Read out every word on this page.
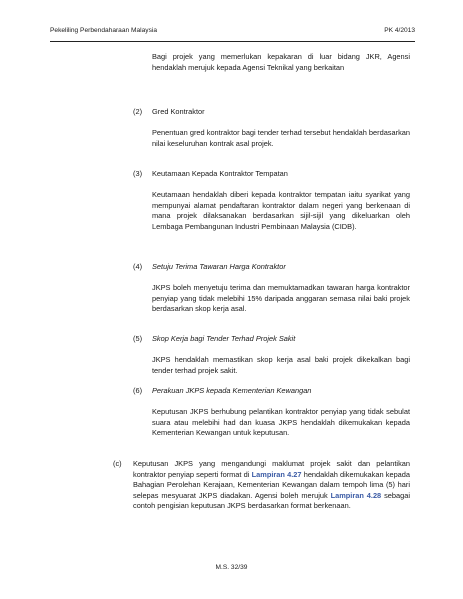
Pekeliling Perbendaharaan Malaysia	PK 4/2013

Bagi projek yang memerlukan kepakaran di luar bidang JKR, Agensi hendaklah merujuk kepada Agensi Teknikal yang berkaitan

(2) Gred Kontraktor

Penentuan gred kontraktor bagi tender terhad tersebut hendaklah berdasarkan nilai keseluruhan kontrak asal projek.

(3) Keutamaan Kepada Kontraktor Tempatan

Keutamaan hendaklah diberi kepada kontraktor tempatan iaitu syarikat yang mempunyai alamat pendaftaran kontraktor dalam negeri yang berkenaan di mana projek dilaksanakan berdasarkan sijil-sijil yang dikeluarkan oleh Lembaga Pembangunan Industri Pembinaan Malaysia (CIDB).

(4) Setuju Terima Tawaran Harga Kontraktor

JKPS boleh menyetuju terima dan memuktamadkan tawaran harga kontraktor penyiap yang tidak melebihi 15% daripada anggaran semasa nilai baki projek berdasarkan skop kerja asal.

(5) Skop Kerja bagi Tender Terhad Projek Sakit

JKPS hendaklah memastikan skop kerja asal baki projek dikekalkan bagi tender terhad projek sakit.

(6) Perakuan JKPS kepada Kementerian Kewangan

Keputusan JKPS berhubung pelantikan kontraktor penyiap yang tidak sebulat suara atau melebihi had dan kuasa JKPS hendaklah dikemukakan kepada Kementerian Kewangan untuk keputusan.

(c) Keputusan JKPS yang mengandungi maklumat projek sakit dan pelantikan kontraktor penyiap seperti format di Lampiran 4.27 hendaklah dikemukakan kepada Bahagian Perolehan Kerajaan, Kementerian Kewangan dalam tempoh lima (5) hari selepas mesyuarat JKPS diadakan. Agensi boleh merujuk Lampiran 4.28 sebagai contoh pengisian keputusan JKPS berdasarkan format berkenaan.

M.S. 32/39
